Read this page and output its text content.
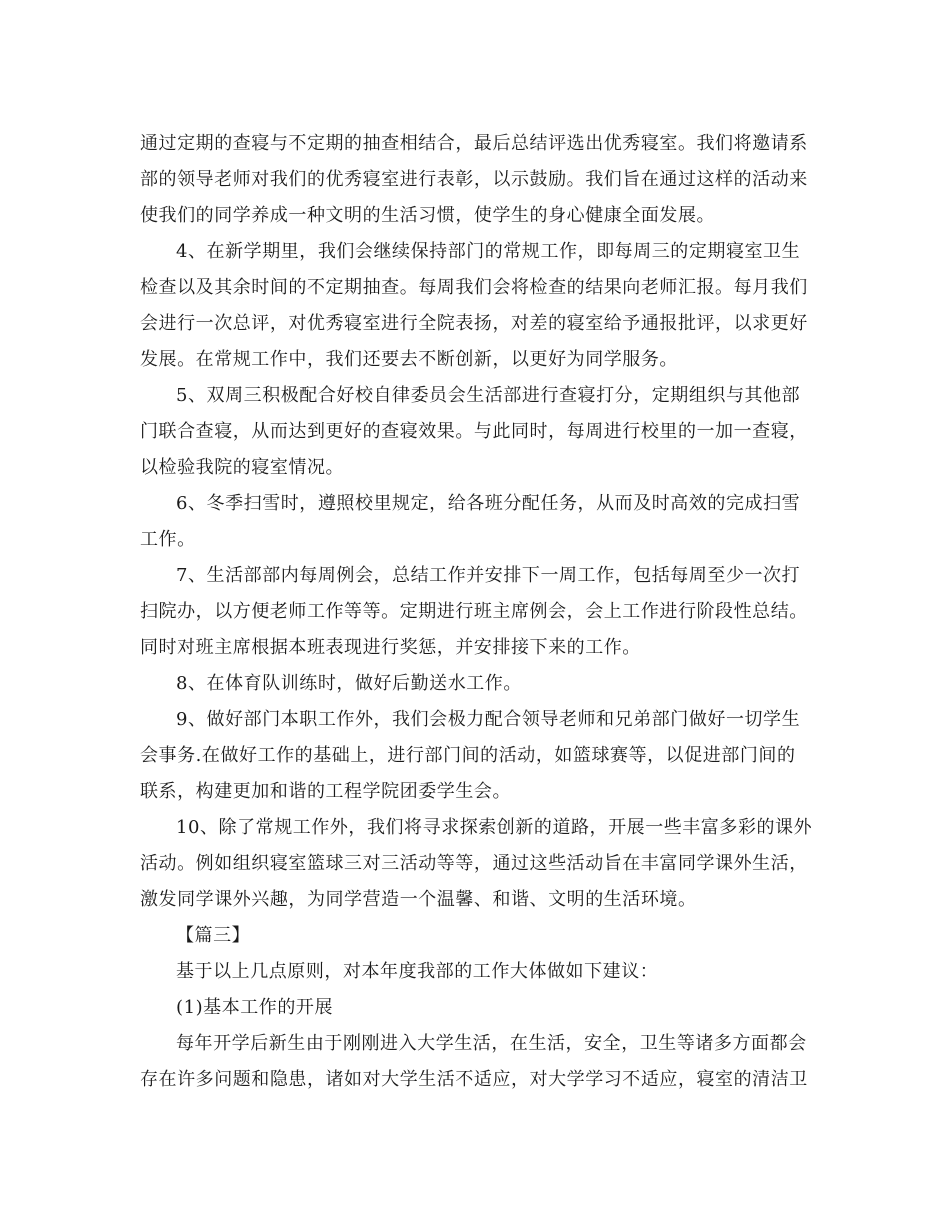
通过定期的查寝与不定期的抽查相结合，最后总结评选出优秀寝室。我们将邀请系
部的领导老师对我们的优秀寝室进行表彰，以示鼓励。我们旨在通过这样的活动来
使我们的同学养成一种文明的生活习惯，使学生的身心健康全面发展。
4、在新学期里，我们会继续保持部门的常规工作，即每周三的定期寝室卫生
检查以及其余时间的不定期抽查。每周我们会将检查的结果向老师汇报。每月我们
会进行一次总评，对优秀寝室进行全院表扬，对差的寝室给予通报批评，以求更好
发展。在常规工作中，我们还要去不断创新，以更好为同学服务。
5、双周三积极配合好校自律委员会生活部进行查寝打分，定期组织与其他部
门联合查寝，从而达到更好的查寝效果。与此同时，每周进行校里的一加一查寝，
以检验我院的寝室情况。
6、冬季扫雪时，遵照校里规定，给各班分配任务，从而及时高效的完成扫雪
工作。
7、生活部部内每周例会，总结工作并安排下一周工作，包括每周至少一次打
扫院办，以方便老师工作等等。定期进行班主席例会，会上工作进行阶段性总结。
同时对班主席根据本班表现进行奖惩，并安排接下来的工作。
8、在体育队训练时，做好后勤送水工作。
9、做好部门本职工作外，我们会极力配合领导老师和兄弟部门做好一切学生
会事务.在做好工作的基础上，进行部门间的活动，如篮球赛等，以促进部门间的
联系，构建更加和谐的工程学院团委学生会。
10、除了常规工作外，我们将寻求探索创新的道路，开展一些丰富多彩的课外
活动。例如组织寝室篮球三对三活动等等，通过这些活动旨在丰富同学课外生活，
激发同学课外兴趣，为同学营造一个温馨、和谐、文明的生活环境。
【篇三】
基于以上几点原则，对本年度我部的工作大体做如下建议：
(1)基本工作的开展
每年开学后新生由于刚刚进入大学生活，在生活，安全，卫生等诸多方面都会
存在许多问题和隐患，诸如对大学生活不适应，对大学学习不适应，寝室的清洁卫
